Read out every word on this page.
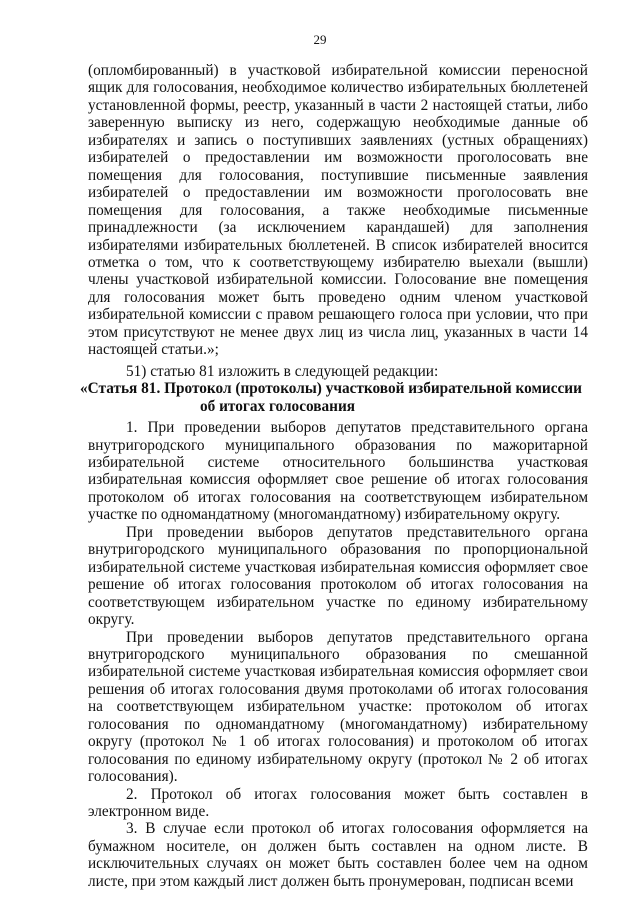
29

(опломбированный) в участковой избирательной комиссии переносной ящик для голосования, необходимое количество избирательных бюллетеней установленной формы, реестр, указанный в части 2 настоящей статьи, либо заверенную выписку из него, содержащую необходимые данные об избирателях и запись о поступивших заявлениях (устных обращениях) избирателей о предоставлении им возможности проголосовать вне помещения для голосования, поступившие письменные заявления избирателей о предоставлении им возможности проголосовать вне помещения для голосования, а также необходимые письменные принадлежности (за исключением карандашей) для заполнения избирателями избирательных бюллетеней. В список избирателей вносится отметка о том, что к соответствующему избирателю выехали (вышли) члены участковой избирательной комиссии. Голосование вне помещения для голосования может быть проведено одним членом участковой избирательной комиссии с правом решающего голоса при условии, что при этом присутствуют не менее двух лиц из числа лиц, указанных в части 14 настоящей статьи.»;

51) статью 81 изложить в следующей редакции:

«Статья 81. Протокол (протоколы) участковой избирательной комиссии

об итогах голосования

1. При проведении выборов депутатов представительного органа внутригородского муниципального образования по мажоритарной избирательной системе относительного большинства участковая избирательная комиссия оформляет свое решение об итогах голосования протоколом об итогах голосования на соответствующем избирательном участке по одномандатному (многомандатному) избирательному округу.

При проведении выборов депутатов представительного органа внутригородского муниципального образования по пропорциональной избирательной системе участковая избирательная комиссия оформляет свое решение об итогах голосования протоколом об итогах голосования на соответствующем избирательном участке по единому избирательному округу.

При проведении выборов депутатов представительного органа внутригородского муниципального образования по смешанной избирательной системе участковая избирательная комиссия оформляет свои решения об итогах голосования двумя протоколами об итогах голосования на соответствующем избирательном участке: протоколом об итогах голосования по одномандатному (многомандатному) избирательному округу (протокол № 1 об итогах голосования) и протоколом об итогах голосования по единому избирательному округу (протокол № 2 об итогах голосования).

2. Протокол об итогах голосования может быть составлен в электронном виде.

3. В случае если протокол об итогах голосования оформляется на бумажном носителе, он должен быть составлен на одном листе. В исключительных случаях он может быть составлен более чем на одном листе, при этом каждый лист должен быть пронумерован, подписан всеми
